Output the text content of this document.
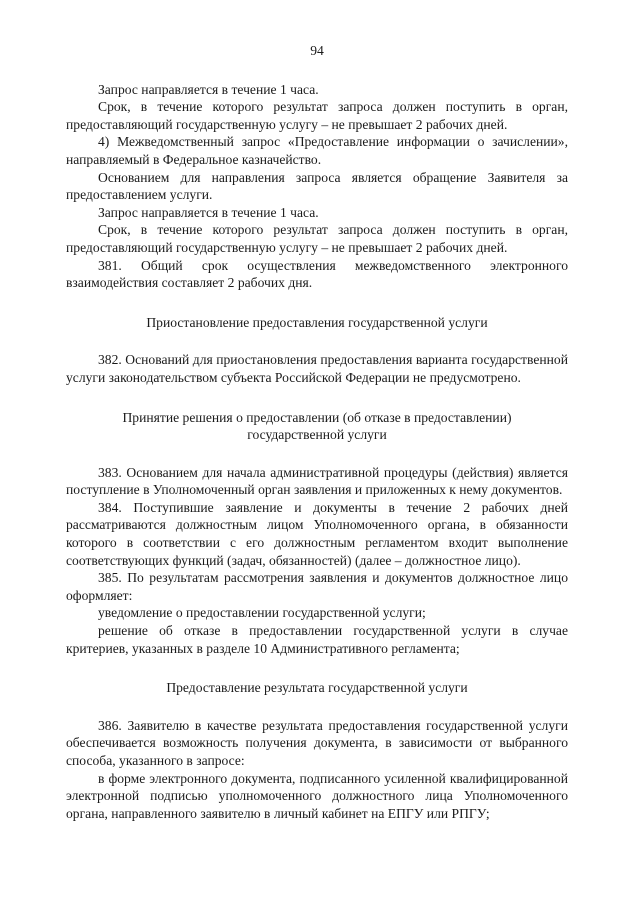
94

Запрос направляется в течение 1 часа.

Срок, в течение которого результат запроса должен поступить в орган, предоставляющий государственную услугу – не превышает 2 рабочих дней.

4) Межведомственный запрос «Предоставление информации о зачислении», направляемый в Федеральное казначейство.

Основанием для направления запроса является обращение Заявителя за предоставлением услуги.

Запрос направляется в течение 1 часа.

Срок, в течение которого результат запроса должен поступить в орган, предоставляющий государственную услугу – не превышает 2 рабочих дней.

381. Общий срок осуществления межведомственного электронного взаимодействия составляет 2 рабочих дня.

Приостановление предоставления государственной услуги

382. Оснований для приостановления предоставления варианта государственной услуги законодательством субъекта Российской Федерации не предусмотрено.

Принятие решения о предоставлении (об отказе в предоставлении)
государственной услуги

383. Основанием для начала административной процедуры (действия) является поступление в Уполномоченный орган заявления и приложенных к нему документов.

384. Поступившие заявление и документы в течение 2 рабочих дней рассматриваются должностным лицом Уполномоченного органа, в обязанности которого в соответствии с его должностным регламентом входит выполнение соответствующих функций (задач, обязанностей) (далее – должностное лицо).

385. По результатам рассмотрения заявления и документов должностное лицо оформляет:

уведомление о предоставлении государственной услуги;

решение об отказе в предоставлении государственной услуги в случае критериев, указанных в разделе 10 Административного регламента;

Предоставление результата государственной услуги

386. Заявителю в качестве результата предоставления государственной услуги обеспечивается возможность получения документа, в зависимости от выбранного способа, указанного в запросе:

в форме электронного документа, подписанного усиленной квалифицированной электронной подписью уполномоченного должностного лица Уполномоченного органа, направленного заявителю в личный кабинет на ЕПГУ или РПГУ;
